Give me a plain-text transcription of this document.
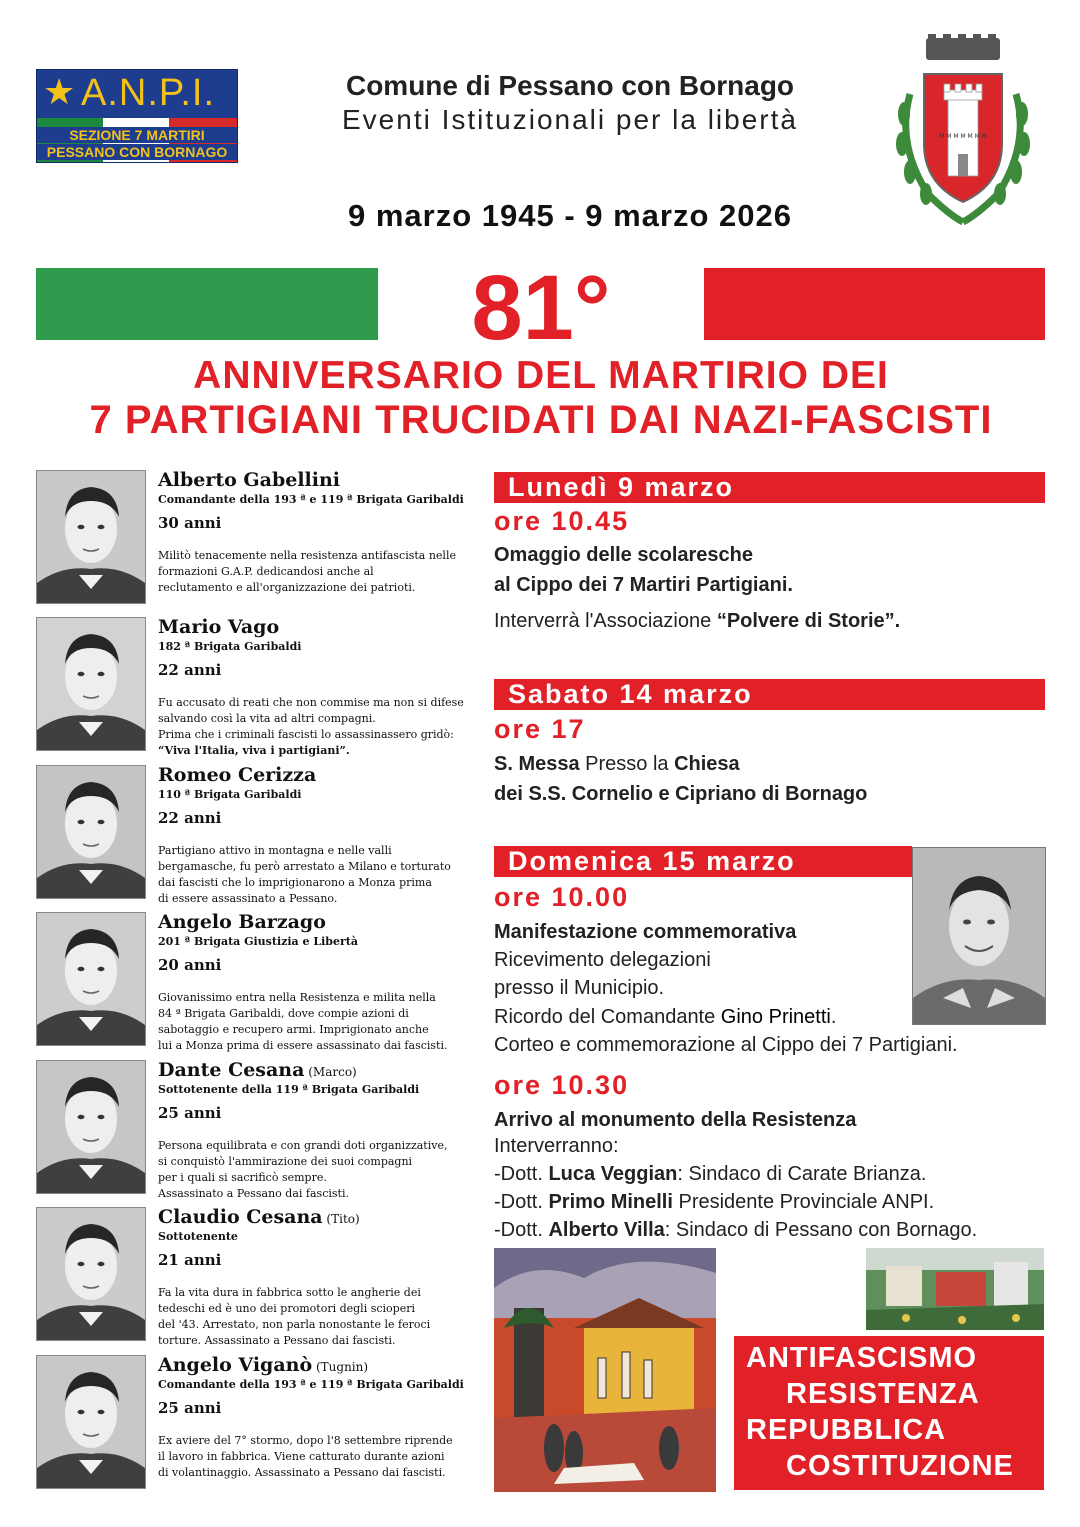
★ A.N.P.I.
SEZIONE 7 MARTIRI
PESSANO CON BORNAGO
Comune di Pessano con Bornago
Eventi Istituzionali per la libertà
9 marzo 1945 - 9 marzo 2026
M M M M M M M
81°
ANNIVERSARIO DEL MARTIRIO DEI
7 PARTIGIANI TRUCIDATI DAI NAZI-FASCISTI
Alberto Gabellini
Comandante della 193 ª e 119 ª Brigata Garibaldi
30 anni
Militò tenacemente nella resistenza antifascista nelle
formazioni G.A.P. dedicandosi anche al
reclutamento e all'organizzazione dei patrioti.
Mario Vago
182 ª Brigata Garibaldi
22 anni
Fu accusato di reati che non commise ma non si difese
salvando così la vita ad altri compagni.
Prima che i criminali fascisti lo assassinassero gridò:
“Viva l'Italia, viva i partigiani”.
Romeo Cerizza
110 ª Brigata Garibaldi
22 anni
Partigiano attivo in montagna e nelle valli
bergamasche, fu però arrestato a Milano e torturato
dai fascisti che lo imprigionarono a Monza prima
di essere assassinato a Pessano.
Angelo Barzago
201 ª Brigata Giustizia e Libertà
20 anni
Giovanissimo entra nella Resistenza e milita nella
84 ª Brigata Garibaldi, dove compie azioni di
sabotaggio e recupero armi. Imprigionato anche
lui a Monza prima di essere assassinato dai fascisti.
Dante Cesana (Marco)
Sottotenente della 119 ª Brigata Garibaldi
25 anni
Persona equilibrata e con grandi doti organizzative,
si conquistò l'ammirazione dei suoi compagni
per i quali si sacrificò sempre.
Assassinato a Pessano dai fascisti.
Claudio Cesana (Tito)
Sottotenente
21 anni
Fa la vita dura in fabbrica sotto le angherie dei
tedeschi ed è uno dei promotori degli scioperi
del '43. Arrestato, non parla nonostante le feroci
torture. Assassinato a Pessano dai fascisti.
Angelo Viganò (Tugnin)
Comandante della 193 ª e 119 ª Brigata Garibaldi
25 anni
Ex aviere del 7° stormo, dopo l'8 settembre riprende
il lavoro in fabbrica. Viene catturato durante azioni
di volantinaggio. Assassinato a Pessano dai fascisti.
Lunedì 9 marzo
ore 10.45
Omaggio delle scolaresche
al Cippo dei 7 Martiri Partigiani.
Interverrà l'Associazione “Polvere di Storie”.
Sabato 14 marzo
ore 17
S. Messa Presso la Chiesa
dei S.S. Cornelio e Cipriano di Bornago
Domenica 15 marzo
ore 10.00
Manifestazione commemorativa
Ricevimento delegazioni
presso il Municipio.
Ricordo del Comandante Gino Prinetti.
Corteo e commemorazione al Cippo dei 7 Partigiani.
ore 10.30
Arrivo al monumento della Resistenza
Interverranno:
-Dott. Luca Veggian: Sindaco di Carate Brianza.
-Dott. Primo Minelli Presidente Provinciale ANPI.
-Dott. Alberto Villa: Sindaco di Pessano con Bornago.
ANTIFASCISMO
RESISTENZA
REPUBBLICA
COSTITUZIONE
